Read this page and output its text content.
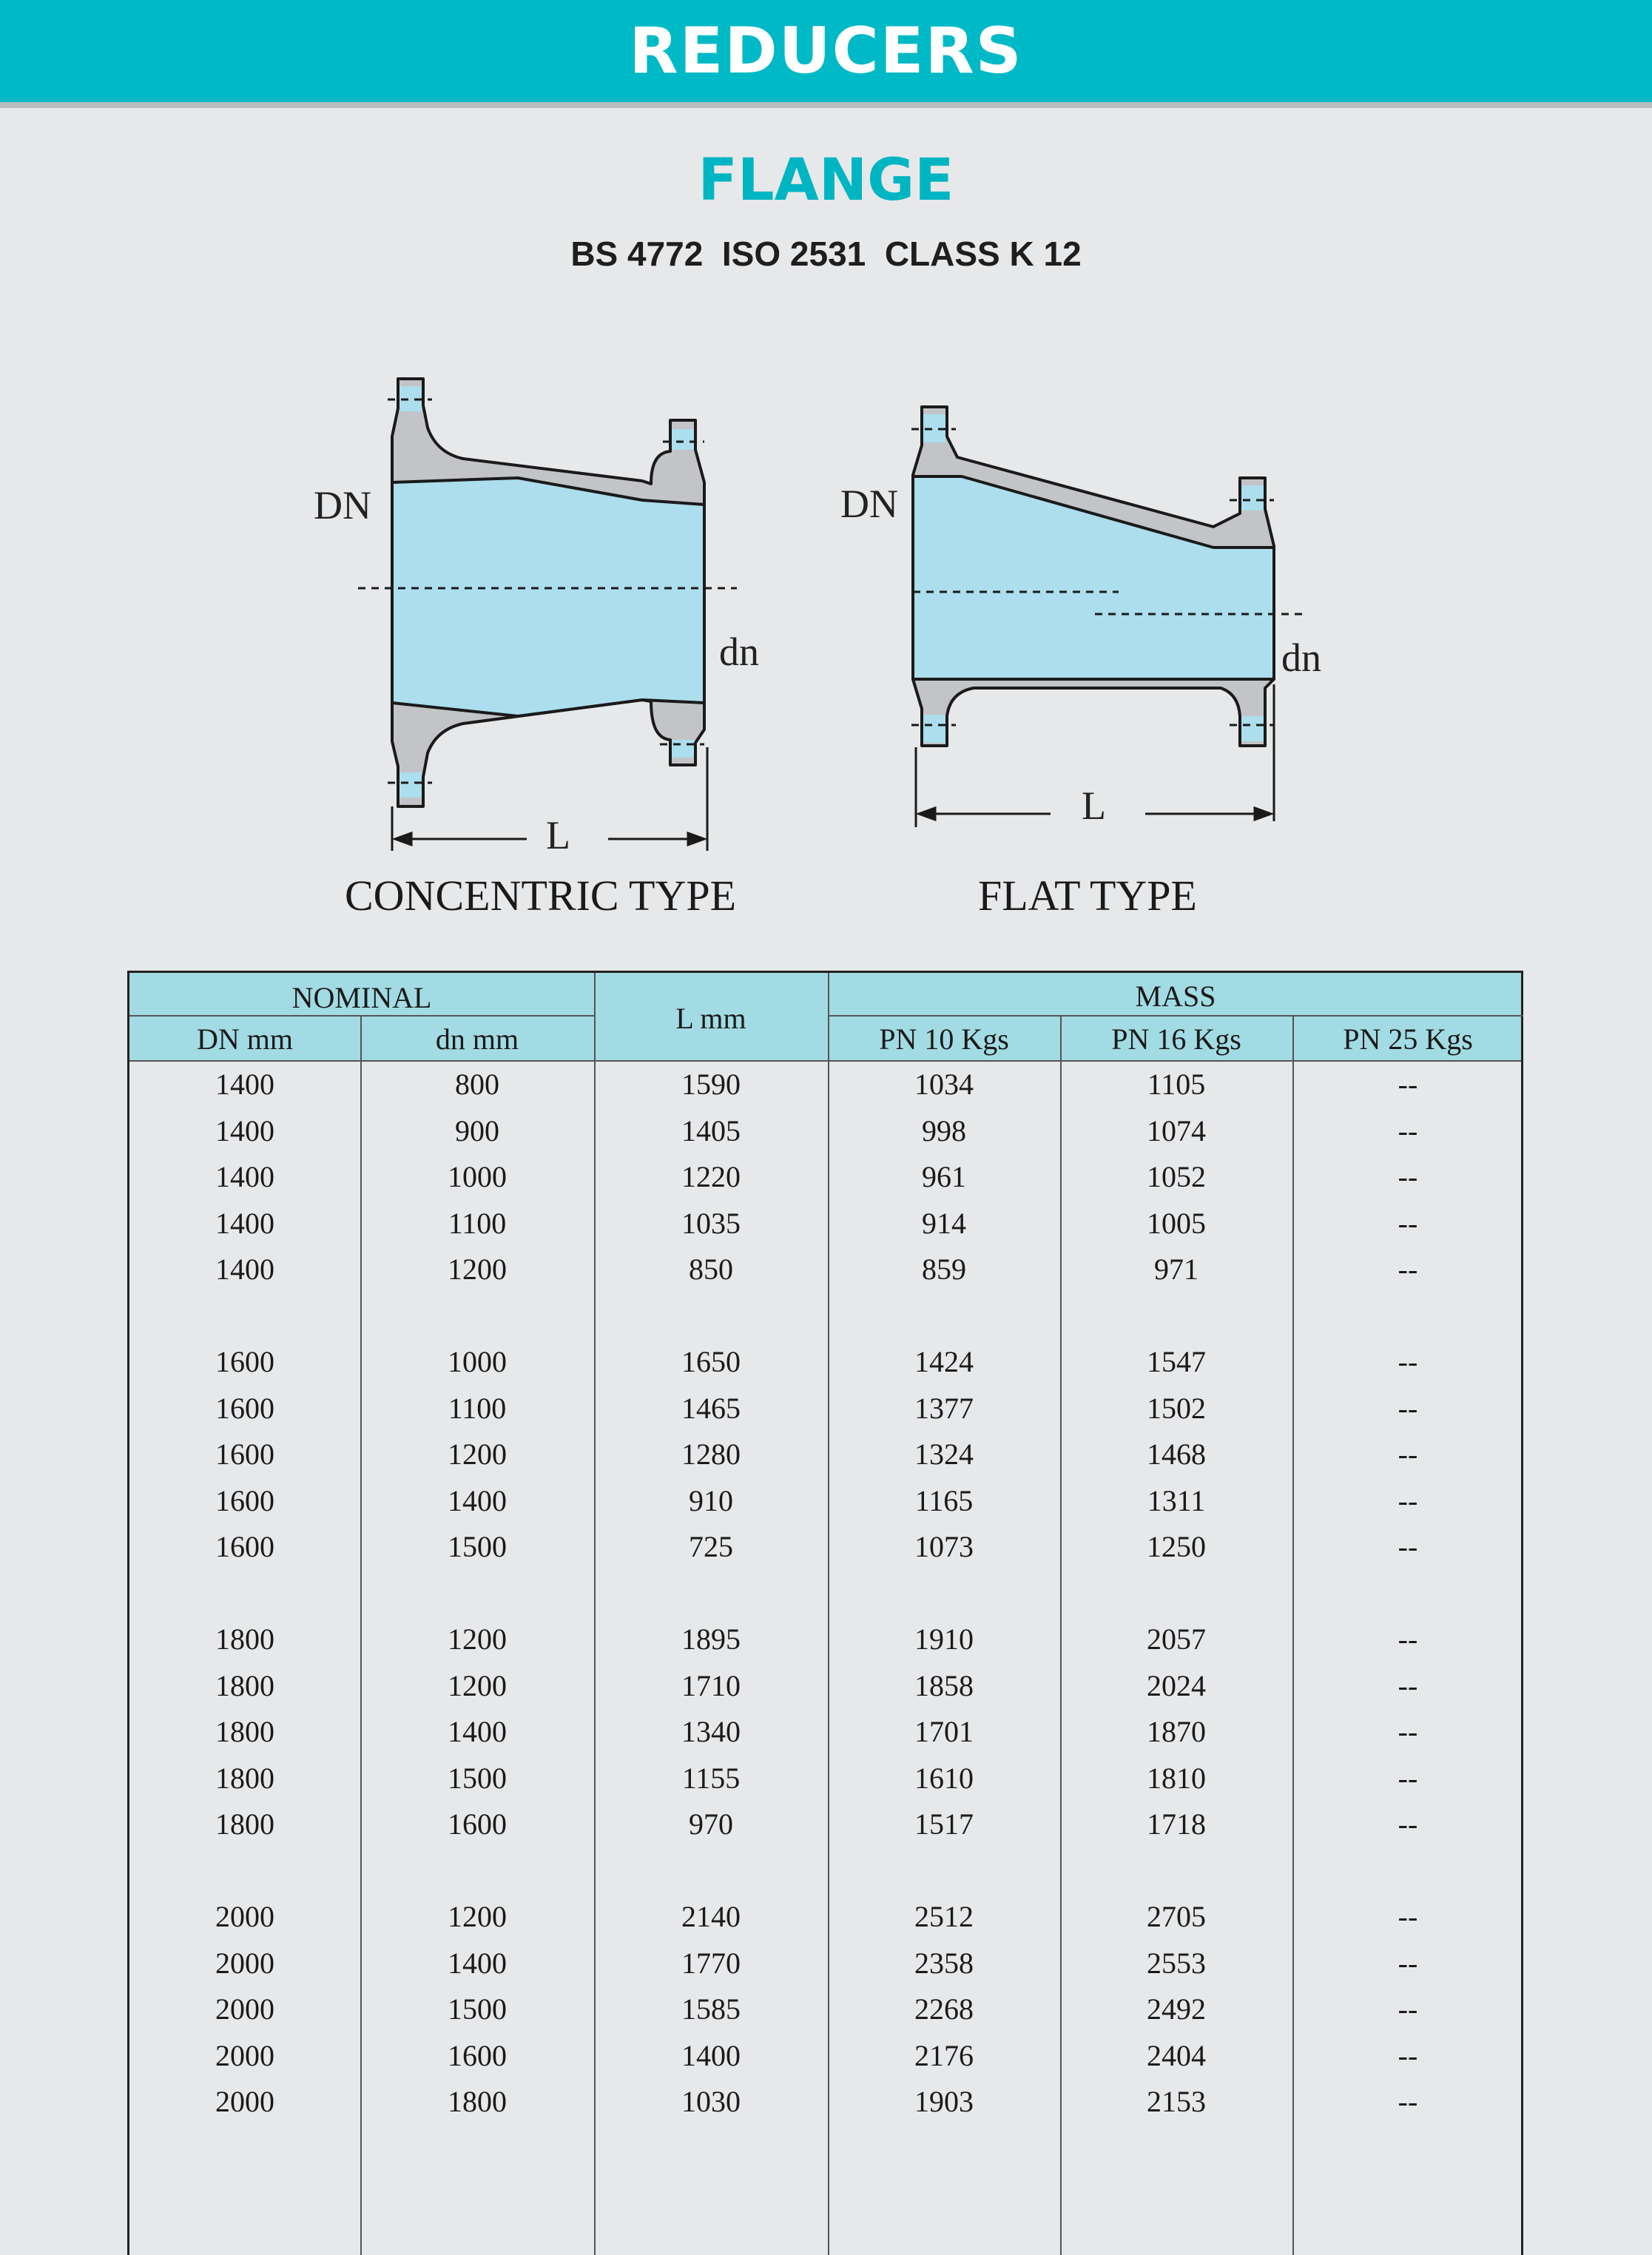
REDUCERS
FLANGE
BS 4772  ISO 2531  CLASS K 12
DN
dn
L
CONCENTRIC TYPE
DN
dn
L
FLAT TYPE
NOMINAL
L mm
MASS
DN mm	dn mm	PN 10 Kgs	PN 16 Kgs	PN 25 Kgs
1400	800	1590	1034	1105	--
1400	900	1405	998	1074	--
1400	1000	1220	961	1052	--
1400	1100	1035	914	1005	--
1400	1200	850	859	971	--
1600	1000	1650	1424	1547	--
1600	1100	1465	1377	1502	--
1600	1200	1280	1324	1468	--
1600	1400	910	1165	1311	--
1600	1500	725	1073	1250	--
1800	1200	1895	1910	2057	--
1800	1200	1710	1858	2024	--
1800	1400	1340	1701	1870	--
1800	1500	1155	1610	1810	--
1800	1600	970	1517	1718	--
2000	1200	2140	2512	2705	--
2000	1400	1770	2358	2553	--
2000	1500	1585	2268	2492	--
2000	1600	1400	2176	2404	--
2000	1800	1030	1903	2153	--
